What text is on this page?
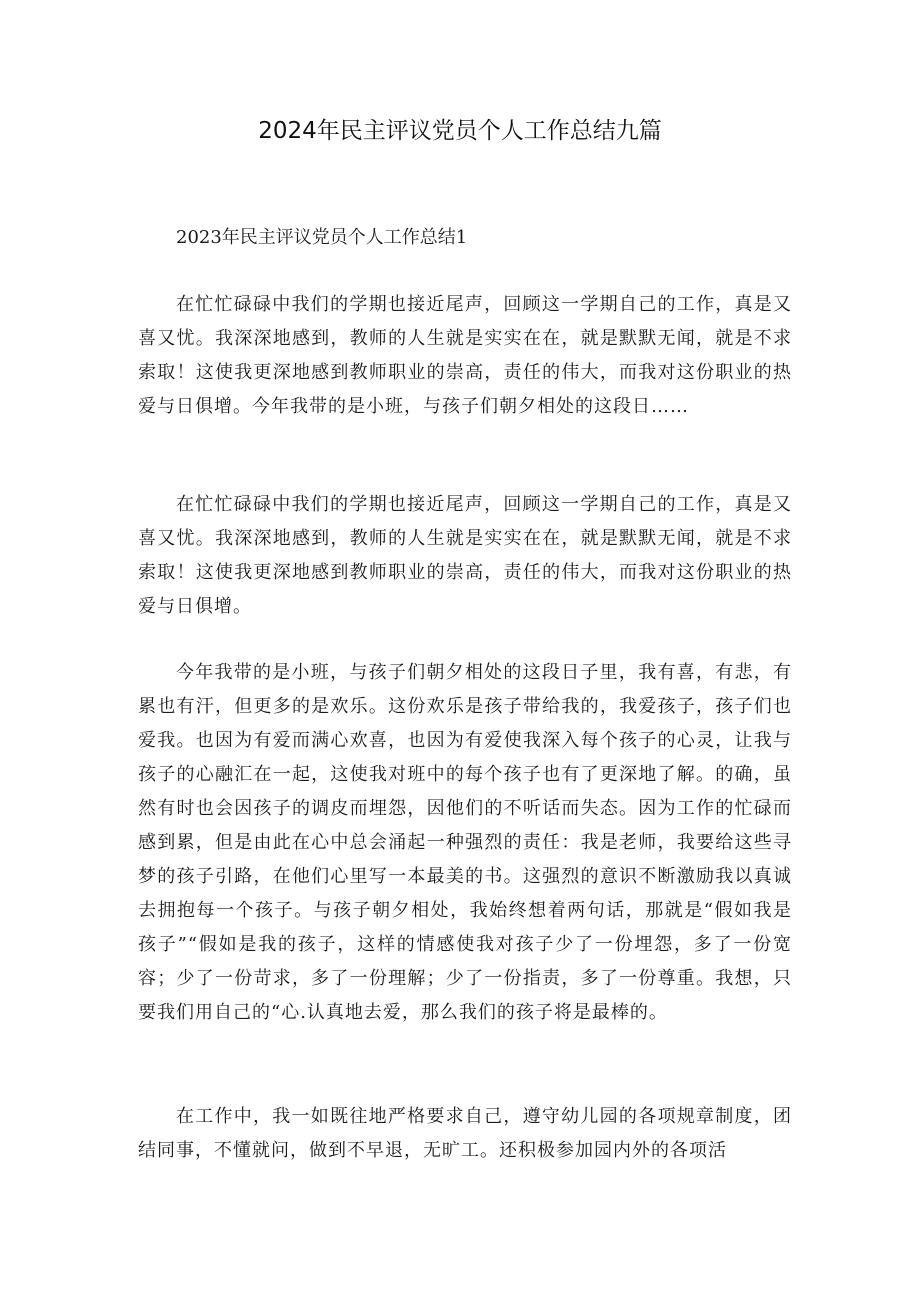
2024年民主评议党员个人工作总结九篇
2023年民主评议党员个人工作总结1

在忙忙碌碌中我们的学期也接近尾声，回顾这一学期自己的工作，真是又喜又忧。我深深地感到，教师的人生就是实实在在，就是默默无闻，就是不求索取！这使我更深地感到教师职业的崇高，责任的伟大，而我对这份职业的热爱与日俱增。今年我带的是小班，与孩子们朝夕相处的这段日……

在忙忙碌碌中我们的学期也接近尾声，回顾这一学期自己的工作，真是又喜又忧。我深深地感到，教师的人生就是实实在在，就是默默无闻，就是不求索取！这使我更深地感到教师职业的崇高，责任的伟大，而我对这份职业的热爱与日俱增。

今年我带的是小班，与孩子们朝夕相处的这段日子里，我有喜，有悲，有累也有汗，但更多的是欢乐。这份欢乐是孩子带给我的，我爱孩子，孩子们也爱我。也因为有爱而满心欢喜，也因为有爱使我深入每个孩子的心灵，让我与孩子的心融汇在一起，这使我对班中的每个孩子也有了更深地了解。的确，虽然有时也会因孩子的调皮而埋怨，因他们的不听话而失态。因为工作的忙碌而感到累，但是由此在心中总会涌起一种强烈的责任：我是老师，我要给这些寻梦的孩子引路，在他们心里写一本最美的书。这强烈的意识不断激励我以真诚去拥抱每一个孩子。与孩子朝夕相处，我始终想着两句话，那就是“假如我是孩子”“假如是我的孩子，这样的情感使我对孩子少了一份埋怨，多了一份宽容；少了一份苛求，多了一份理解；少了一份指责，多了一份尊重。我想，只要我们用自己的“心.认真地去爱，那么我们的孩子将是最棒的。

在工作中，我一如既往地严格要求自己，遵守幼儿园的各项规章制度，团结同事，不懂就问，做到不早退，无旷工。还积极参加园内外的各项活
